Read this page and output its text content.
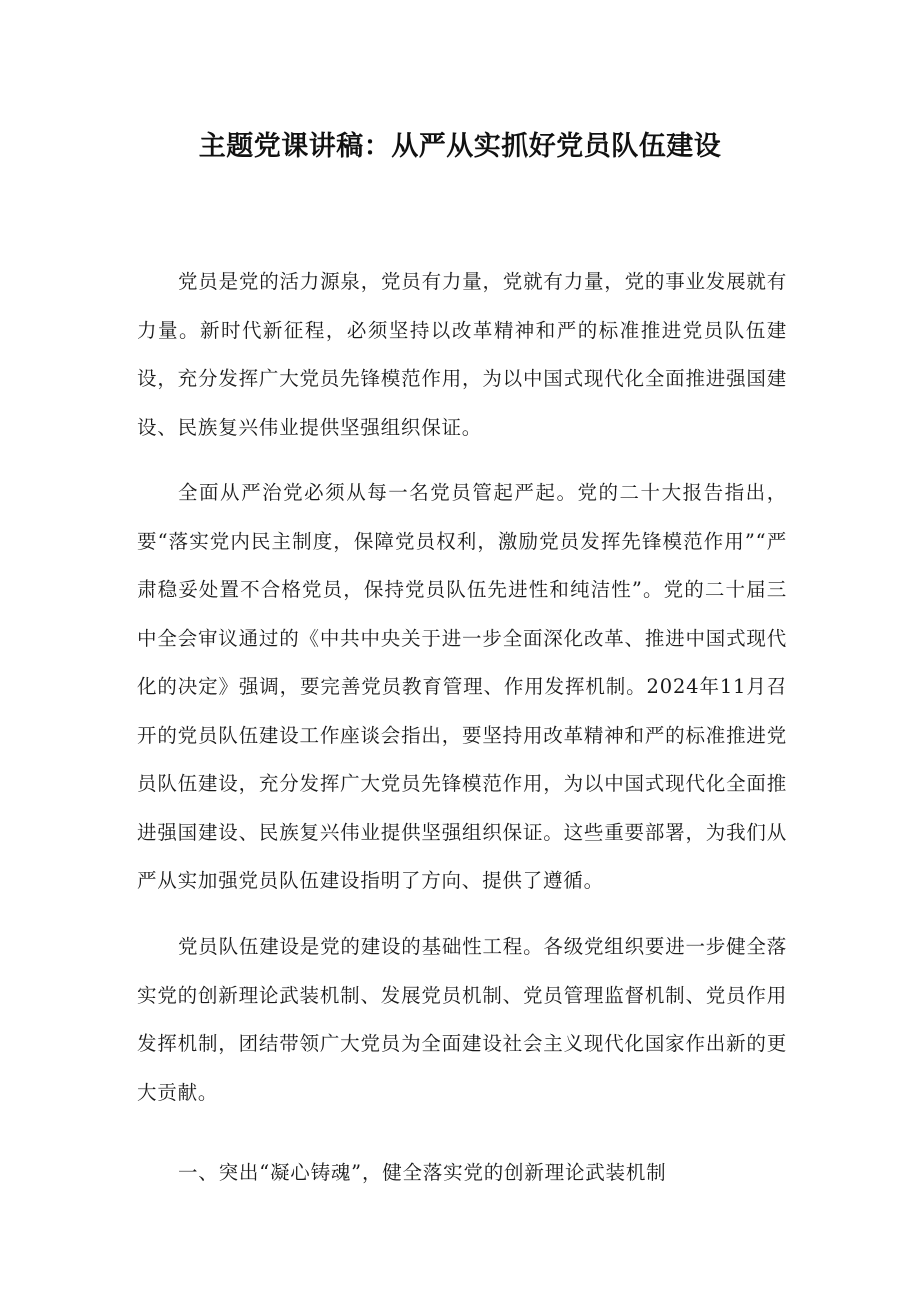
主题党课讲稿：从严从实抓好党员队伍建设

党员是党的活力源泉，党员有力量，党就有力量，党的事业发展就有力量。新时代新征程，必须坚持以改革精神和严的标准推进党员队伍建设，充分发挥广大党员先锋模范作用，为以中国式现代化全面推进强国建设、民族复兴伟业提供坚强组织保证。

全面从严治党必须从每一名党员管起严起。党的二十大报告指出，要“落实党内民主制度，保障党员权利，激励党员发挥先锋模范作用”“严肃稳妥处置不合格党员，保持党员队伍先进性和纯洁性”。党的二十届三中全会审议通过的《中共中央关于进一步全面深化改革、推进中国式现代化的决定》强调，要完善党员教育管理、作用发挥机制。2024年11月召开的党员队伍建设工作座谈会指出，要坚持用改革精神和严的标准推进党员队伍建设，充分发挥广大党员先锋模范作用，为以中国式现代化全面推进强国建设、民族复兴伟业提供坚强组织保证。这些重要部署，为我们从严从实加强党员队伍建设指明了方向、提供了遵循。

党员队伍建设是党的建设的基础性工程。各级党组织要进一步健全落实党的创新理论武装机制、发展党员机制、党员管理监督机制、党员作用发挥机制，团结带领广大党员为全面建设社会主义现代化国家作出新的更大贡献。

一、突出“凝心铸魂”，健全落实党的创新理论武装机制
